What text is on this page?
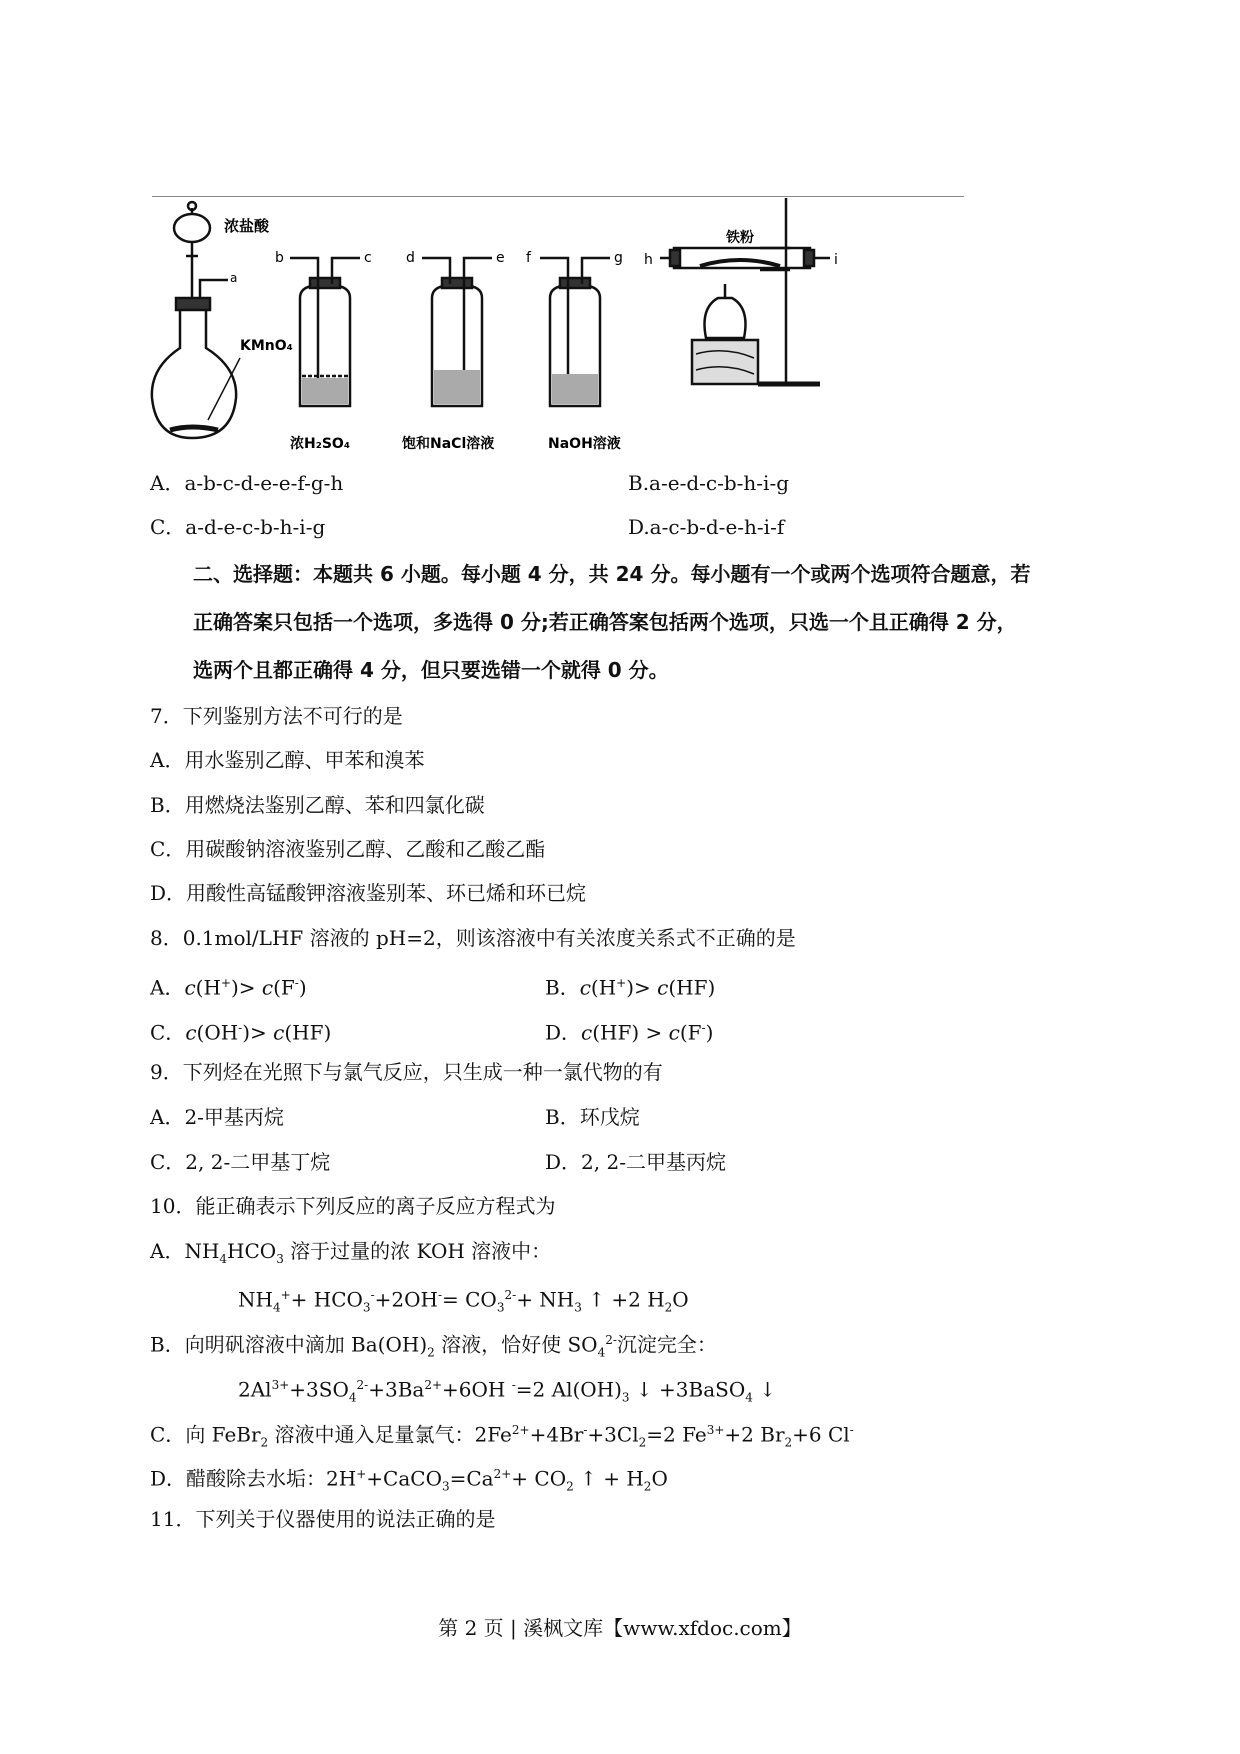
浓盐酸
a
KMnO₄
b	c
浓H₂SO₄
d	e
饱和NaCl溶液
f	g
NaOH溶液
h	i
铁粉
A．a-b-c-d-e-e-f-g-h	B.a-e-d-c-b-h-i-g
C．a-d-e-c-b-h-i-g	D.a-c-b-d-e-h-i-f
二、选择题：本题共 6 小题。每小题 4 分，共 24 分。每小题有一个或两个选项符合题意，若
正确答案只包括一个选项，多选得 0 分;若正确答案包括两个选项，只选一个且正确得 2 分，
选两个且都正确得 4 分，但只要选错一个就得 0 分。
7．下列鉴别方法不可行的是
A．用水鉴别乙醇、甲苯和溴苯
B．用燃烧法鉴别乙醇、苯和四氯化碳
C．用碳酸钠溶液鉴别乙醇、乙酸和乙酸乙酯
D．用酸性高锰酸钾溶液鉴别苯、环已烯和环已烷
8．0.1mol/LHF 溶液的 pH=2，则该溶液中有关浓度关系式不正确的是
A．c(H+)> c(F-)	B．c(H+)> c(HF)
C．c(OH-)> c(HF)	D．c(HF) > c(F-)
9．下列烃在光照下与氯气反应，只生成一种一氯代物的有
A．2-甲基丙烷	B．环戊烷
C．2, 2-二甲基丁烷	D．2, 2-二甲基丙烷
10．能正确表示下列反应的离子反应方程式为
A．$NH_4HCO_3$ 溶于过量的浓 KOH 溶液中：
$NH_4^++ HCO_3^-+2OH^-= CO_3^{2-}+ NH_3$ ↑ +2 $H_2O$
B．向明矾溶液中滴加 $Ba(OH)_2$ 溶液，恰好使 $SO_4^{2-}$沉淀完全：
$2Al^{3+}+3SO_4^{2-}+3Ba^{2+}+6OH$ -=2 $Al(OH)_3$ ↓ +3BaSO$_4$ ↓
C．向 FeBr$_2$ 溶液中通入足量氯气：$2Fe^{2+}+4Br^-+3Cl_2=2$ $Fe^{3+}+2$ $Br_2+6$ Cl-
D．醋酸除去水垢：$2H^++CaCO_3=Ca^{2+}+ CO_2$ ↑ + $H_2O$
11．下列关于仪器使用的说法正确的是
第 2 页 | 溪枫文库【www.xfdoc.com】
